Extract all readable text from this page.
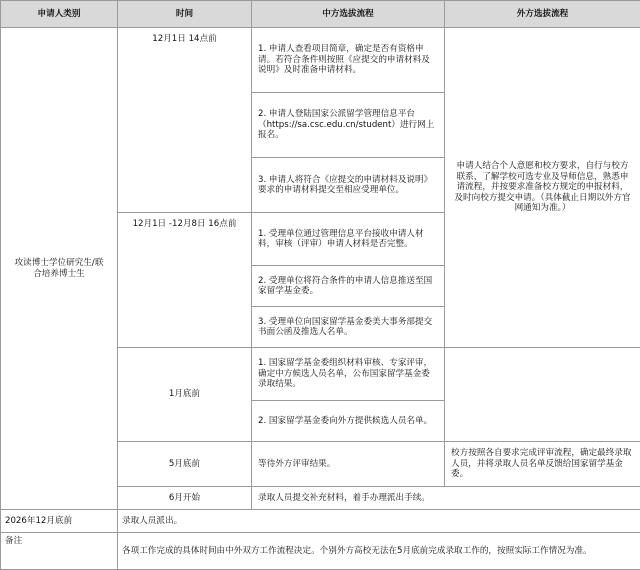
申请人类别	时间	中方选拔流程	外方选拔流程
攻读博士学位研究生/联合培养博士生	12月1日 14点前	1. 申请人查看项目简章，确定是否有资格申请。若符合条件则按照《应提交的申请材料及说明》及时准备申请材料。	申请人结合个人意愿和校方要求，自行与校方联系，了解学校可选专业及导师信息，熟悉申请流程，并按要求准备校方规定的申报材料，及时向校方提交申请。（具体截止日期以外方官网通知为准。）
		2. 申请人登陆国家公派留学管理信息平台（https://sa.csc.edu.cn/student）进行网上报名。	
		3. 申请人将符合《应提交的申请材料及说明》要求的申请材料提交至相应受理单位。	
	12月1日 -12月8日 16点前	1. 受理单位通过管理信息平台接收申请人材料，审核（评审）申请人材料是否完整。	
		2. 受理单位将符合条件的申请人信息推送至国家留学基金委。	
		3. 受理单位向国家留学基金委美大事务部提交书面公函及推选人名单。	
	1月底前	1. 国家留学基金委组织材料审核、专家评审，确定中方候选人员名单，公布国家留学基金委录取结果。	
		2. 国家留学基金委向外方提供候选人员名单。	
	5月底前	等待外方评审结果。	校方按照各自要求完成评审流程，确定最终录取人员，并将录取人员名单反馈给国家留学基金委。
	6月开始	录取人员提交补充材料，着手办理派出手续。	
2026年12月底前	录取人员派出。		
备注	各项工作完成的具体时间由中外双方工作流程决定。个别外方高校无法在5月底前完成录取工作的，按照实际工作情况为准。		
